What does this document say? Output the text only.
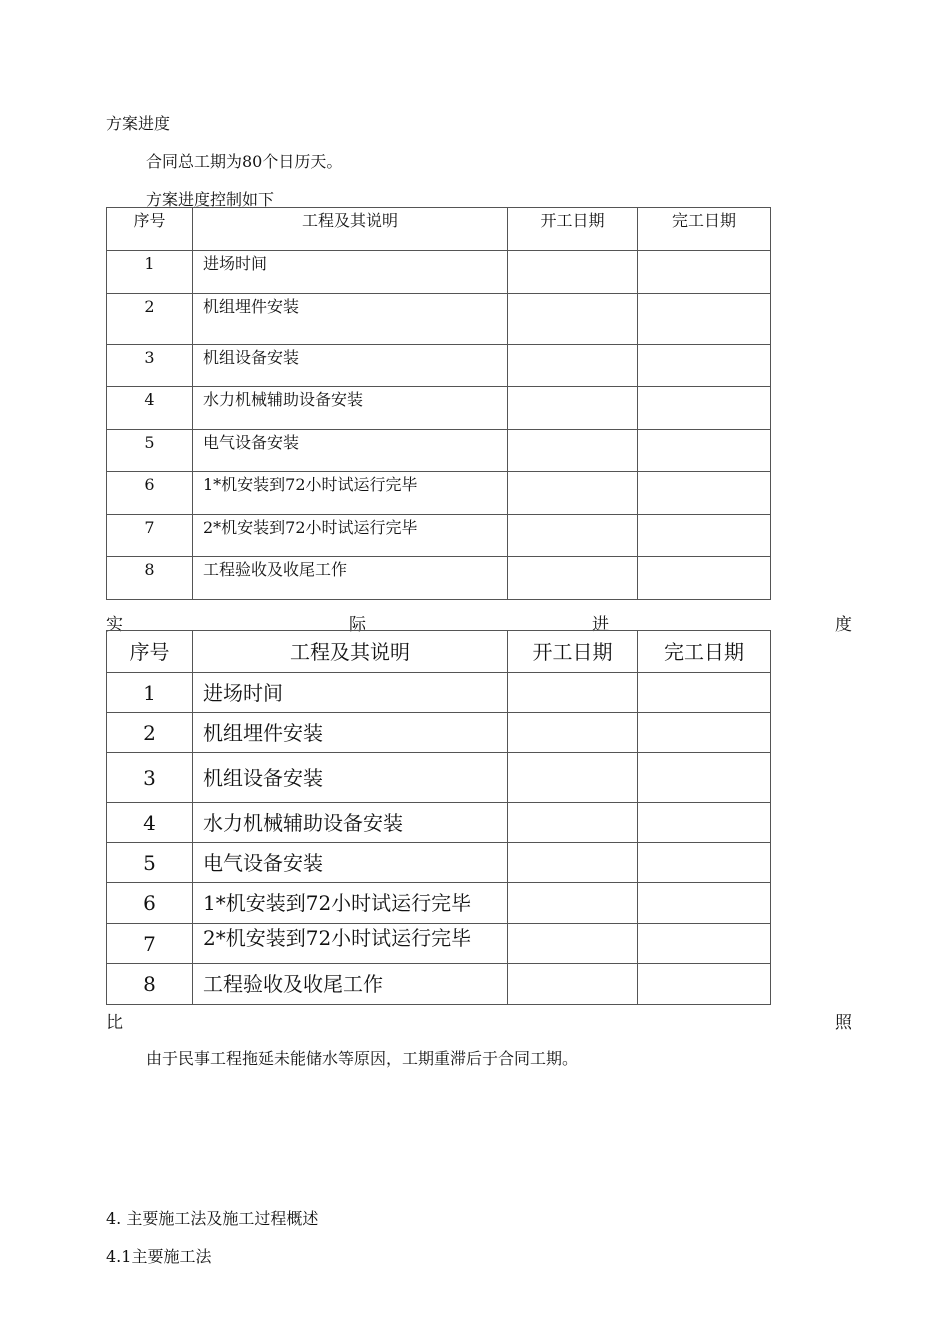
方案进度

合同总工期为80个日历天。

方案进度控制如下

序号	工程及其说明	开工日期	完工日期
1	进场时间		
2	机组埋件安装		
3	机组设备安装		
4	水力机械辅助设备安装		
5	电气设备安装		
6	1*机安装到72小时试运行完毕		
7	2*机安装到72小时试运行完毕		
8	工程验收及收尾工作		
实	际	进	度
序号	工程及其说明	开工日期	完工日期
1	进场时间		
2	机组埋件安装		
3	机组设备安装		
4	水力机械辅助设备安装		
5	电气设备安装		
6	1*机安装到72小时试运行完毕		
7	2*机安装到72小时试运行完毕		
8	工程验收及收尾工作		
比	照

由于民事工程拖延未能储水等原因，工期重滞后于合同工期。

4. 主要施工法及施工过程概述

4.1主要施工法
